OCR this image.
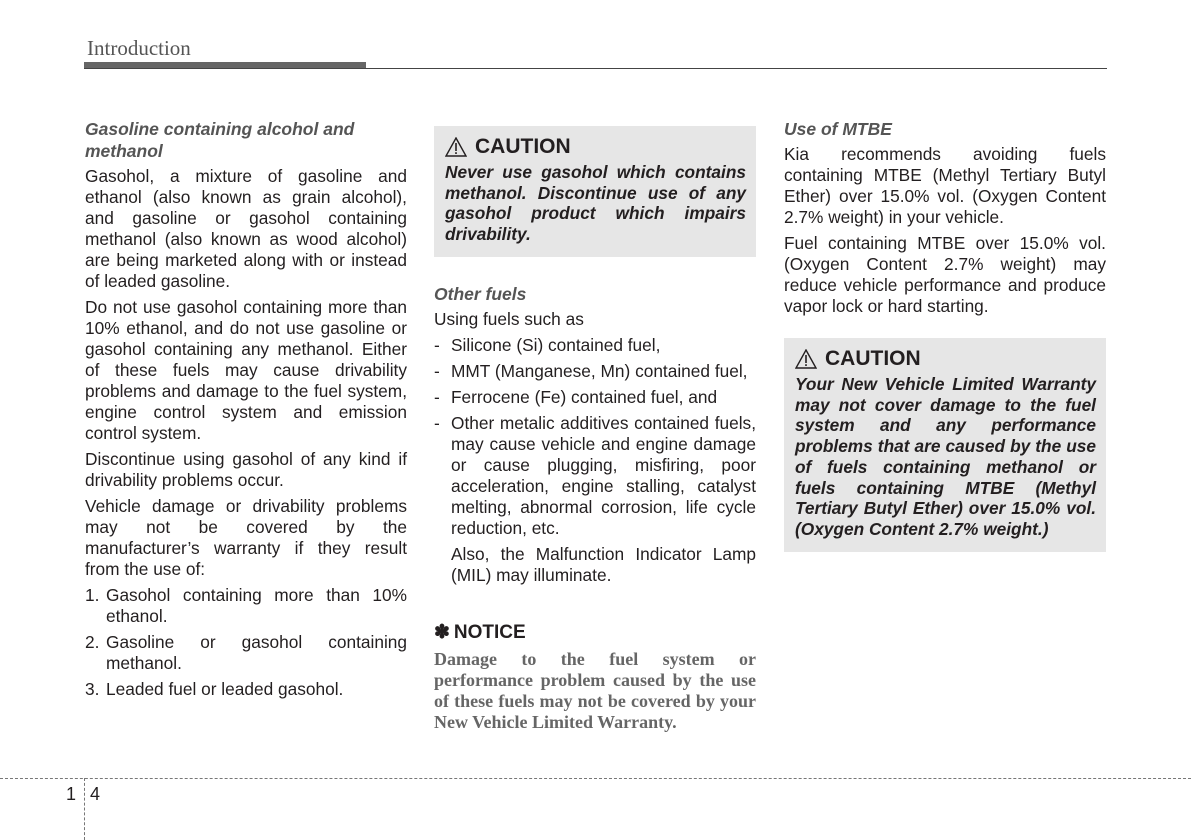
Introduction
Gasoline containing alcohol and methanol

Gasohol, a mixture of gasoline and ethanol (also known as grain alcohol), and gasoline or gasohol containing methanol (also known as wood alcohol) are being marketed along with or instead of leaded gasoline.

Do not use gasohol containing more than 10% ethanol, and do not use gasoline or gasohol containing any methanol. Either of these fuels may cause drivability problems and damage to the fuel system, engine control system and emission control system.

Discontinue using gasohol of any kind if drivability problems occur.

Vehicle damage or drivability problems may not be covered by the manufacturer’s warranty if they result from the use of:

1. Gasohol containing more than 10% ethanol.
2. Gasoline or gasohol containing methanol.
3. Leaded fuel or leaded gasohol.
CAUTION

Never use gasohol which contains methanol. Discontinue use of any gasohol product which impairs drivability.

Other fuels

Using fuels such as

- Silicone (Si) contained fuel,
- MMT (Manganese, Mn) contained fuel,
- Ferrocene (Fe) contained fuel, and
- Other metalic additives contained fuels, may cause vehicle and engine damage or cause plugging, misfiring, poor acceleration, engine stalling, catalyst melting, abnormal corrosion, life cycle reduction, etc.

Also, the Malfunction Indicator Lamp (MIL) may illuminate.

✽ NOTICE

Damage to the fuel system or performance problem caused by the use of these fuels may not be covered by your New Vehicle Limited Warranty.

Use of MTBE

Kia recommends avoiding fuels containing MTBE (Methyl Tertiary Butyl Ether) over 15.0% vol. (Oxygen Content 2.7% weight) in your vehicle.

Fuel containing MTBE over 15.0% vol. (Oxygen Content 2.7% weight) may reduce vehicle performance and produce vapor lock or hard starting.

CAUTION

Your New Vehicle Limited Warranty may not cover damage to the fuel system and any performance problems that are caused by the use of fuels containing methanol or fuels containing MTBE (Methyl Tertiary Butyl Ether) over 15.0% vol. (Oxygen Content 2.7% weight.)

1 4
